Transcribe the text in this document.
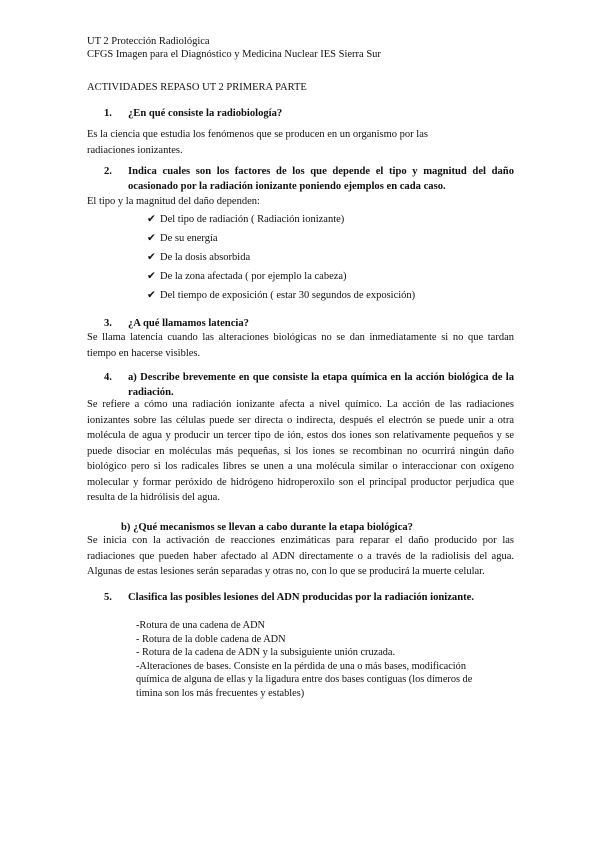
UT 2 Protección Radiológica
CFGS Imagen para el Diagnóstico y Medicina Nuclear IES Sierra Sur
ACTIVIDADES REPASO UT 2 PRIMERA PARTE
1. ¿En qué consiste la radiobiología?
Es la ciencia que estudia los fenómenos que se producen en un organismo por las radiaciones ionizantes.
2.	Indica cuales son los factores de los que depende el tipo y magnitud del daño ocasionado por la radiación ionizante poniendo ejemplos en cada caso.
El tipo y la magnitud del daño dependen:
✔ Del tipo de radiación ( Radiación ionizante)
✔ De su energía
✔ De la dosis absorbida
✔ De la zona afectada ( por ejemplo la cabeza)
✔ Del tiempo de exposición ( estar 30 segundos de exposición)
3. ¿A qué llamamos latencia?
Se llama latencia cuando las alteraciones biológicas no se dan inmediatamente si no que tardan tiempo en hacerse visibles.
4.	a) Describe brevemente en que consiste la etapa química en la acción biológica de la radiación.
Se refiere a cómo una radiación ionizante afecta a nivel químico. La acción de las radiaciones ionizantes sobre las células puede ser directa o indirecta, después el electrón se puede unir a otra molécula de agua y producir un tercer tipo de ión, estos dos iones son relativamente pequeños y se puede disociar en moléculas más pequeñas, si los iones se recombinan no ocurrirá ningún daño biológico pero si los radicales libres se unen a una molécula similar o interaccionar con oxígeno molecular y formar peróxido de hidrógeno hidroperoxilo son el principal productor perjudica que resulta de la hidrólisis del agua.
b) ¿Qué mecanismos se llevan a cabo durante la etapa biológica?
Se inicia con la activación de reacciones enzimáticas para reparar el daño producido por las radiaciones que pueden haber afectado al ADN directamente o a través de la radiolisis del agua. Algunas de estas lesiones serán separadas y otras no, con lo que se producirá la muerte celular.
5. Clasifica las posibles lesiones del ADN producidas por la radiación ionizante.
-Rotura de una cadena de ADN
- Rotura de la doble cadena de ADN
- Rotura de la cadena de ADN y la subsiguiente unión cruzada.
-Alteraciones de bases. Consiste en la pérdida de una o más bases, modificación química de alguna de ellas y la ligadura entre dos bases contiguas (los dímeros de timina son los más frecuentes y estables)
